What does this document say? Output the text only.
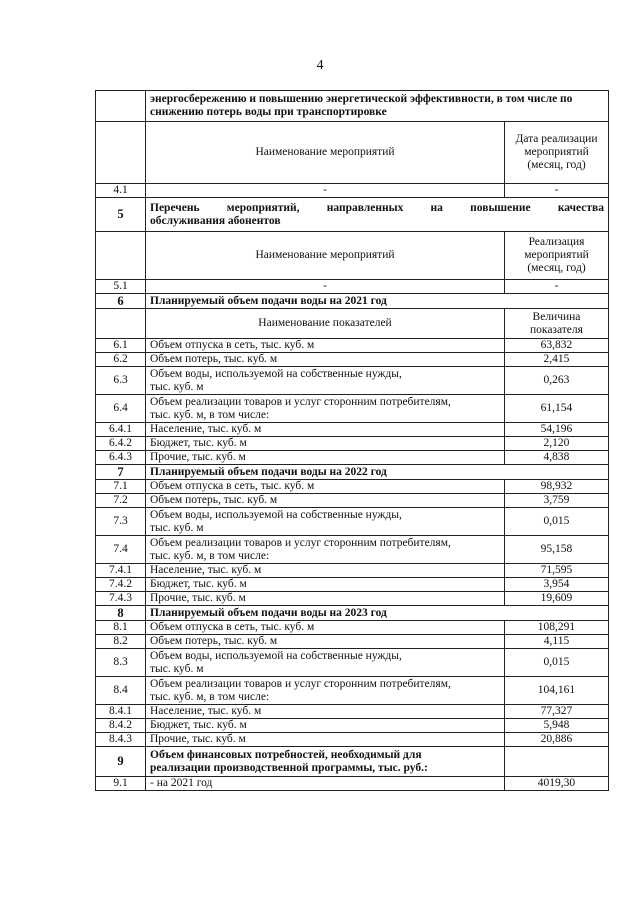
4
	энергосбережению и повышению энергетической эффективности, в том числе по снижению потерь воды при транспортировке	
	Наименование мероприятий	Дата реализации мероприятий (месяц, год)
4.1	-	-
5	Перечень мероприятий, направленных на повышение качества
обслуживания абонентов	

	Наименование мероприятий	Реализация мероприятий (месяц, год)
5.1	-	-
6	Планируемый объем подачи воды на 2021 год	
	Наименование показателей	Величина показателя
6.1	Объем отпуска в сеть, тыс. куб. м	63,832
6.2	Объем потерь, тыс. куб. м	2,415
6.3	Объем воды, используемой на собственные нужды,
тыс. куб. м	0,263
6.4	Объем реализации товаров и услуг сторонним потребителям,
тыс. куб. м, в том числе:	61,154
6.4.1	Население, тыс. куб. м	54,196
6.4.2	Бюджет, тыс. куб. м	2,120
6.4.3	Прочие, тыс. куб. м	4,838
7	Планируемый объем подачи воды на 2022 год	
7.1	Объем отпуска в сеть, тыс. куб. м	98,932
7.2	Объем потерь, тыс. куб. м	3,759
7.3	Объем воды, используемой на собственные нужды,
тыс. куб. м	0,015
7.4	Объем реализации товаров и услуг сторонним потребителям,
тыс. куб. м, в том числе:	95,158
7.4.1	Население, тыс. куб. м	71,595
7.4.2	Бюджет, тыс. куб. м	3,954
7.4.3	Прочие, тыс. куб. м	19,609
8	Планируемый объем подачи воды на 2023 год	
8.1	Объем отпуска в сеть, тыс. куб. м	108,291
8.2	Объем потерь, тыс. куб. м	4,115
8.3	Объем воды, используемой на собственные нужды,
тыс. куб. м	0,015
8.4	Объем реализации товаров и услуг сторонним потребителям,
тыс. куб. м, в том числе:	104,161
8.4.1	Население, тыс. куб. м	77,327
8.4.2	Бюджет, тыс. куб. м	5,948
8.4.3	Прочие, тыс. куб. м	20,886
9	Объем финансовых потребностей, необходимый для
реализации производственной программы, тыс. руб.:	

9.1	- на 2021 год	4019,30
